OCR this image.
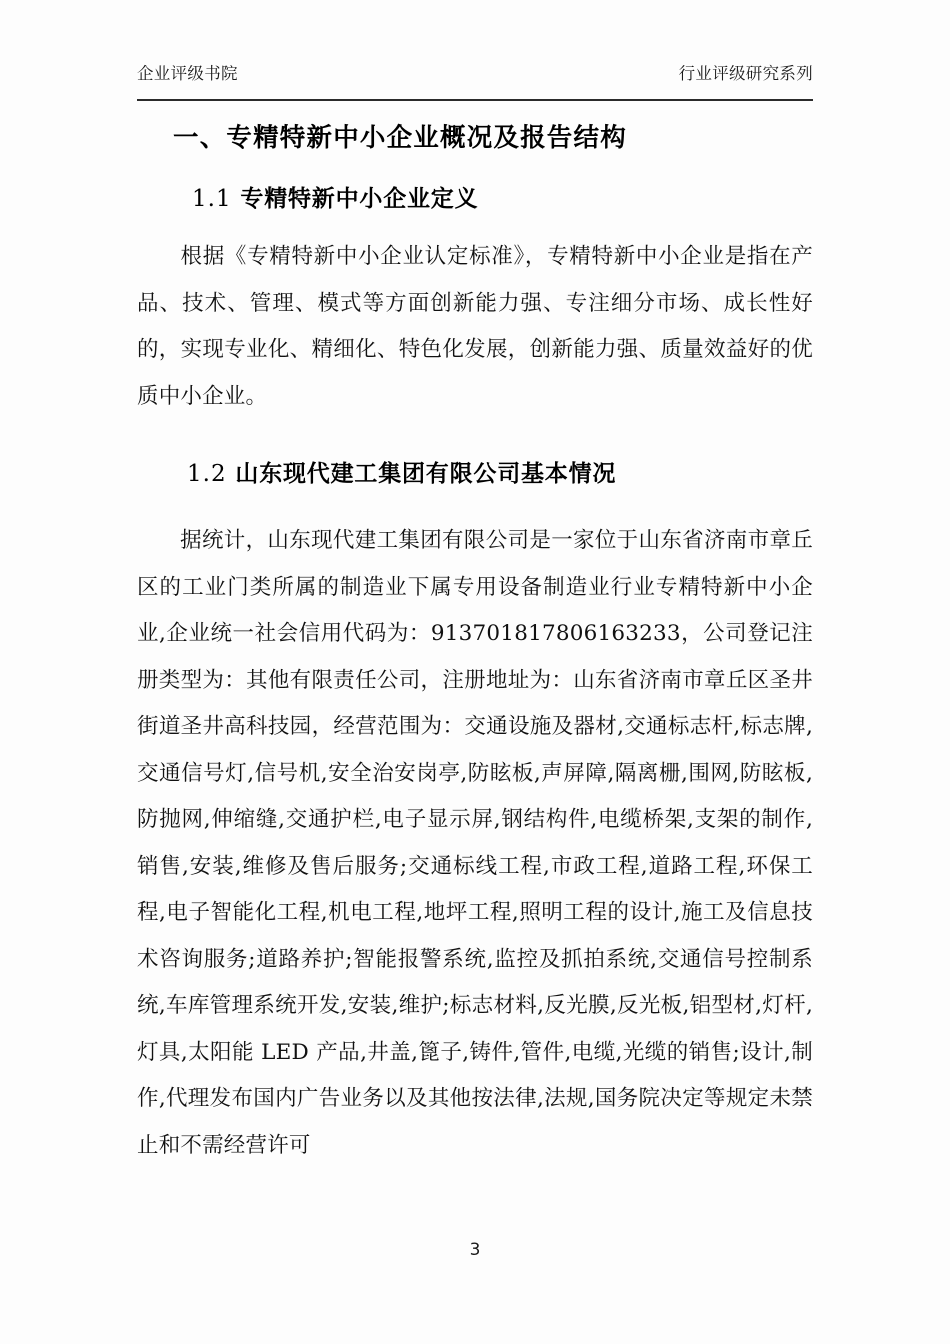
企业评级书院	行业评级研究系列
一、专精特新中小企业概况及报告结构
1.1 专精特新中小企业定义
根据《专精特新中小企业认定标准》，专精特新中小企业是指在产品、技术、管理、模式等方面创新能力强、专注细分市场、成长性好的，实现专业化、精细化、特色化发展，创新能力强、质量效益好的优质中小企业。
1.2 山东现代建工集团有限公司基本情况
据统计，山东现代建工集团有限公司是一家位于山东省济南市章丘区的工业门类所属的制造业下属专用设备制造业行业专精特新中小企业,企业统一社会信用代码为：913701817806163233，公司登记注册类型为：其他有限责任公司，注册地址为：山东省济南市章丘区圣井街道圣井高科技园，经营范围为：交通设施及器材,交通标志杆,标志牌,交通信号灯,信号机,安全治安岗亭,防眩板,声屏障,隔离栅,围网,防眩板,防抛网,伸缩缝,交通护栏,电子显示屏,钢结构件,电缆桥架,支架的制作,销售,安装,维修及售后服务;交通标线工程,市政工程,道路工程,环保工程,电子智能化工程,机电工程,地坪工程,照明工程的设计,施工及信息技术咨询服务;道路养护;智能报警系统,监控及抓拍系统,交通信号控制系统,车库管理系统开发,安装,维护;标志材料,反光膜,反光板,铝型材,灯杆,灯具,太阳能 LED 产品,井盖,篦子,铸件,管件,电缆,光缆的销售;设计,制作,代理发布国内广告业务以及其他按法律,法规,国务院决定等规定未禁止和不需经营许可
3
